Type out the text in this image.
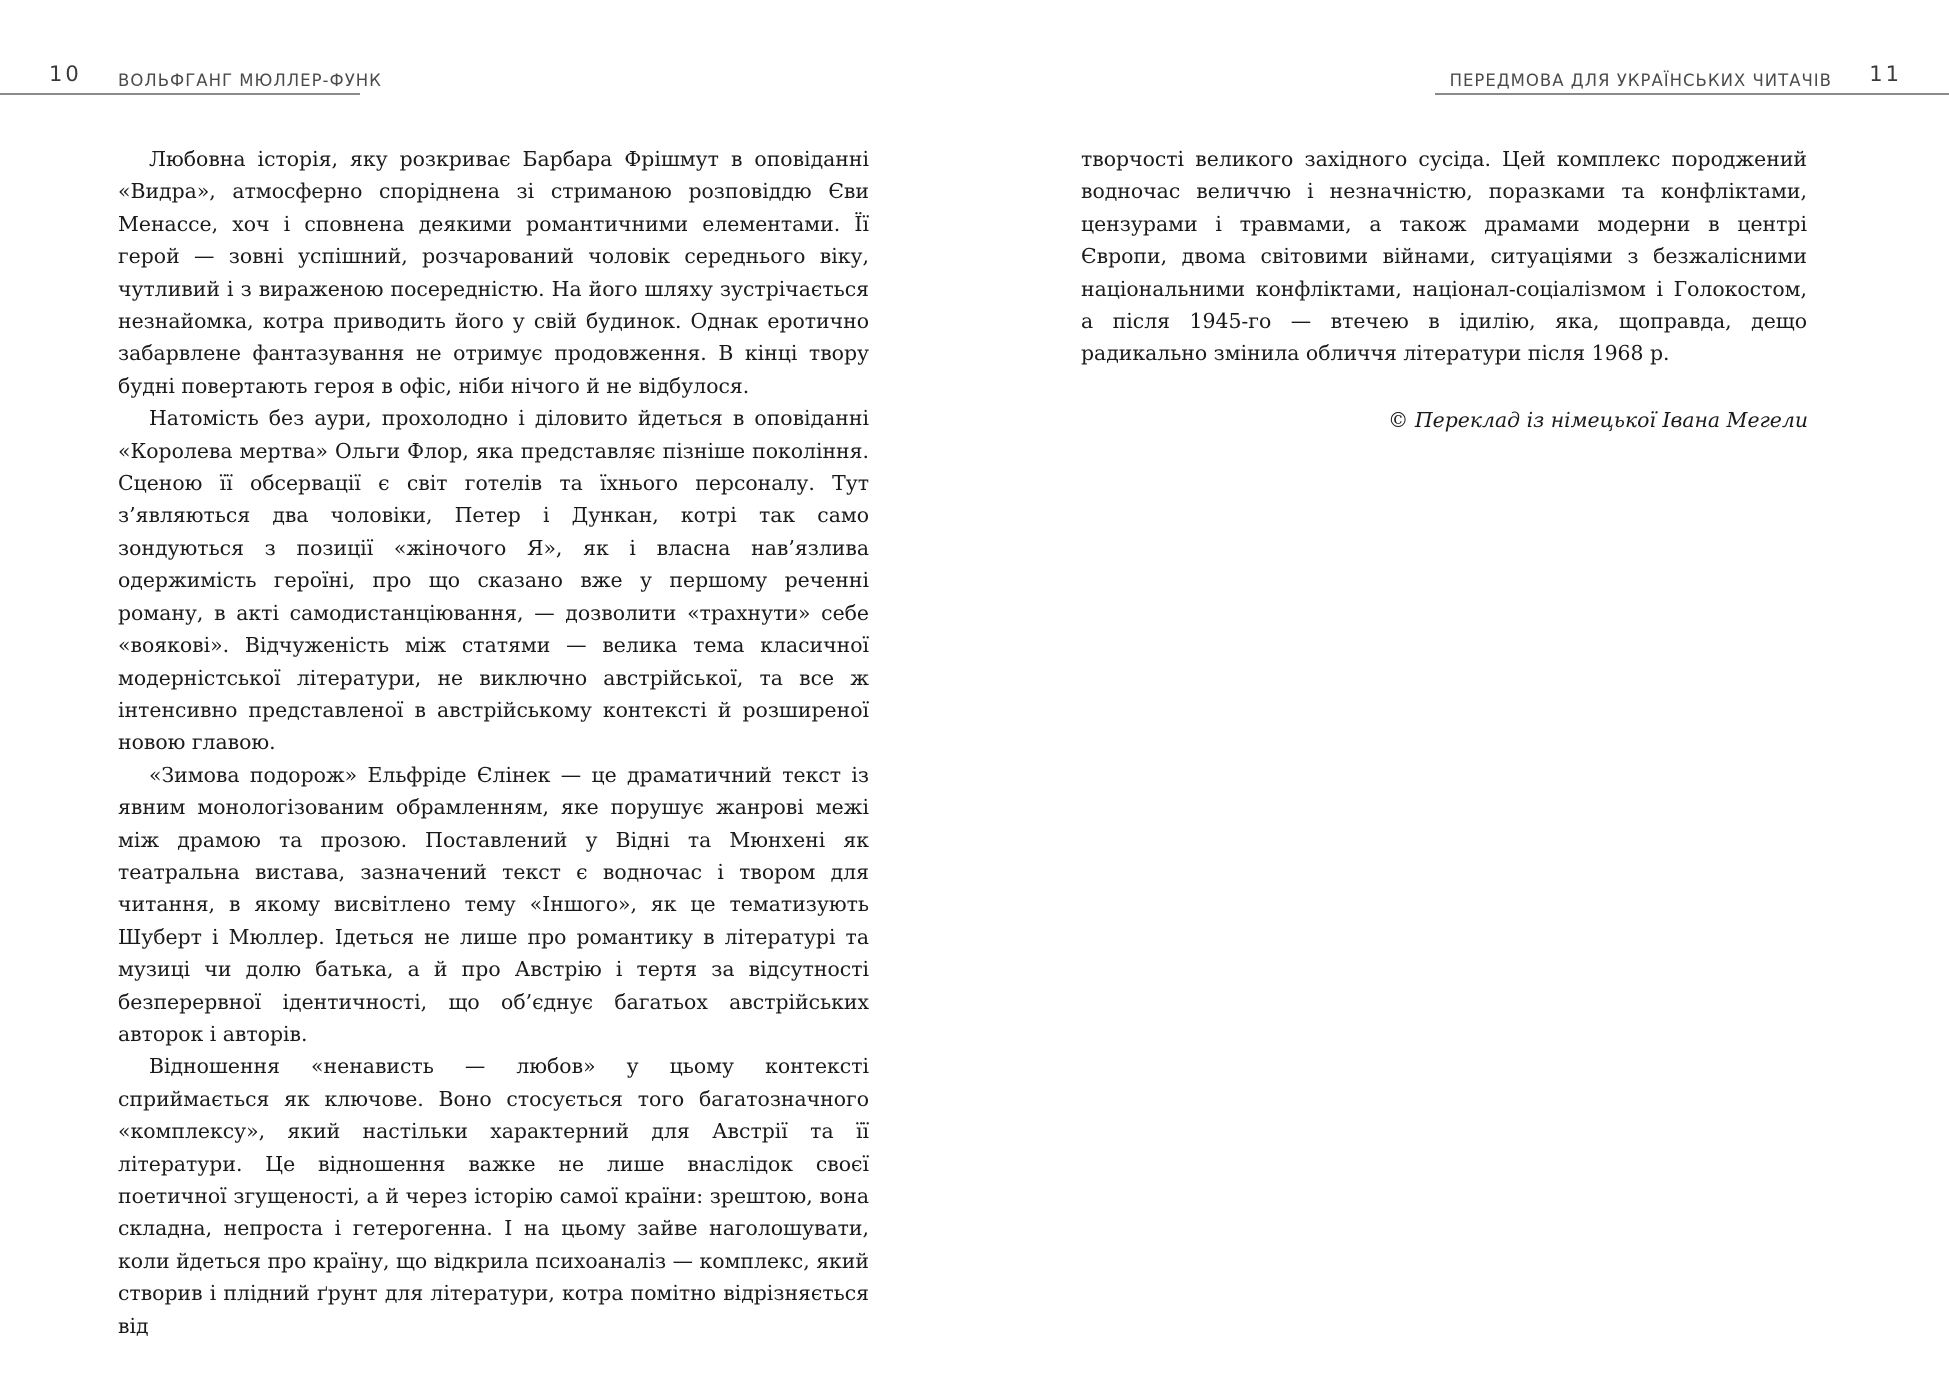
10 ВОЛЬФГАНГ МЮЛЛЕР-ФУНК

Любовна історія, яку розкриває Барбара Фрішмут в оповіданні «Видра», атмосферно споріднена зі стриманою розповіддю Єви Менассе, хоч і сповнена деякими романтичними елементами. Її герой — зовні успішний, розчарований чоловік середнього віку, чутливий і з вираженою посередністю. На його шляху зустрічається незнайомка, котра приводить його у свій будинок. Однак еротично забарвлене фантазування не отримує продовження. В кінці твору будні повертають героя в офіс, ніби нічого й не відбулося.

Натомість без аури, прохолодно і діловито йдеться в оповіданні «Королева мертва» Ольги Флор, яка представляє пізніше покоління. Сценою її обсервації є світ готелів та їхнього персоналу. Тут з’являються два чоловіки, Петер і Дункан, котрі так само зондуються з позиції «жіночого Я», як і власна нав’язлива одержимість героїні, про що сказано вже у першому реченні роману, в акті самодистанціювання, — дозволити «трахнути» себе «воякові». Відчуженість між статями — велика тема класичної модерністської літератури, не виключно австрійської, та все ж інтенсивно представленої в австрійському контексті й розширеної новою главою.

«Зимова подорож» Ельфріде Єлінек — це драматичний текст із явним монологізованим обрамленням, яке порушує жанрові межі між драмою та прозою. Поставлений у Відні та Мюнхені як театральна вистава, зазначений текст є водночас і твором для читання, в якому висвітлено тему «Іншого», як це тематизують Шуберт і Мюллер. Ідеться не лише про романтику в літературі та музиці чи долю батька, а й про Австрію і тертя за відсутності безперервної ідентичності, що об’єднує багатьох австрійських авторок і авторів.

Відношення «ненависть — любов» у цьому контексті сприймається як ключове. Воно стосується того багатозначного «комплексу», який настільки характерний для Австрії та її літератури. Це відношення важке не лише внаслідок своєї поетичної згущеності, а й через історію самої країни: зрештою, вона складна, непроста і гетерогенна. І на цьому зайве наголошувати, коли йдеться про країну, що відкрила психоаналіз — комплекс, який створив і плідний ґрунт для літератури, котра помітно відрізняється від

ПЕРЕДМОВА ДЛЯ УКРАЇНСЬКИХ ЧИТАЧІВ 11

творчості великого західного сусіда. Цей комплекс породжений водночас величчю і незначністю, поразками та конфліктами, цензурами і травмами, а також драмами модерни в центрі Європи, двома світовими війнами, ситуаціями з безжалісними національними конфліктами, націонал-соціалізмом і Голокостом, а після 1945-го — втечею в ідилію, яка, щоправда, дещо радикально змінила обличчя літератури після 1968 р.

© Переклад із німецької Івана Мегели
